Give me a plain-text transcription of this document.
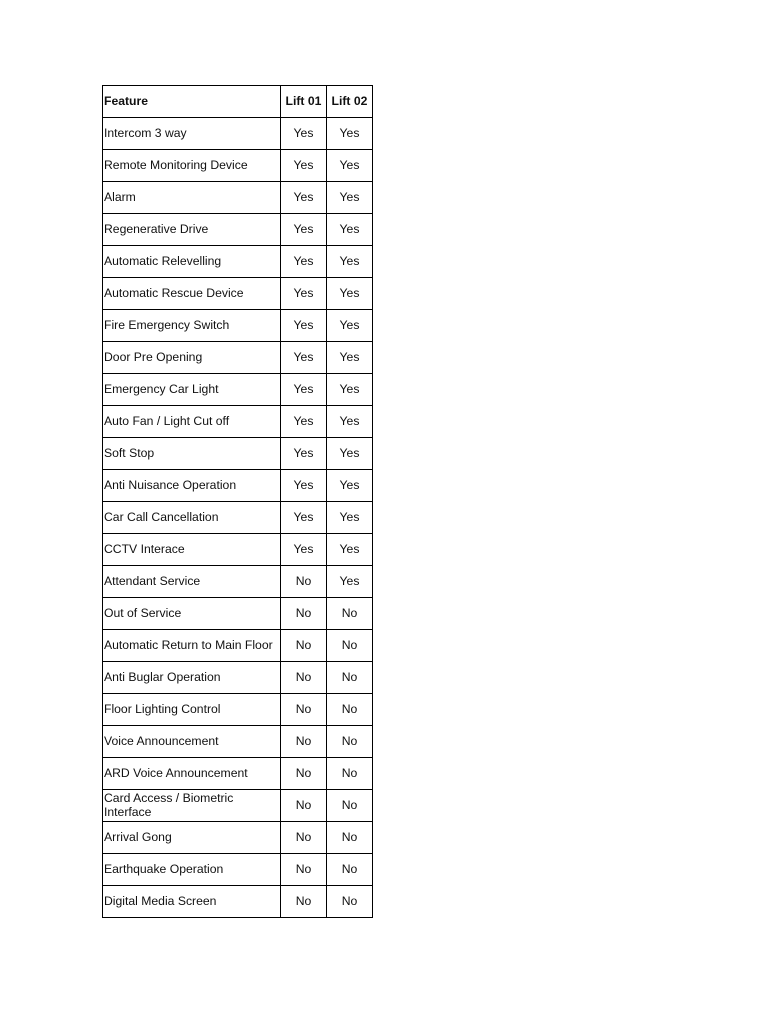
Feature	Lift 01	Lift 02
Intercom 3 way	Yes	Yes
Remote Monitoring Device	Yes	Yes
Alarm	Yes	Yes
Regenerative Drive	Yes	Yes
Automatic Relevelling	Yes	Yes
Automatic Rescue Device	Yes	Yes
Fire Emergency Switch	Yes	Yes
Door Pre Opening	Yes	Yes
Emergency Car Light	Yes	Yes
Auto Fan / Light Cut off	Yes	Yes
Soft Stop	Yes	Yes
Anti Nuisance Operation	Yes	Yes
Car Call Cancellation	Yes	Yes
CCTV Interace	Yes	Yes
Attendant Service	No	Yes
Out of Service	No	No
Automatic Return to Main Floor	No	No
Anti Buglar Operation	No	No
Floor Lighting Control	No	No
Voice Announcement	No	No
ARD Voice Announcement	No	No
Card Access / Biometric Interface	No	No
Arrival Gong	No	No
Earthquake Operation	No	No
Digital Media Screen	No	No
